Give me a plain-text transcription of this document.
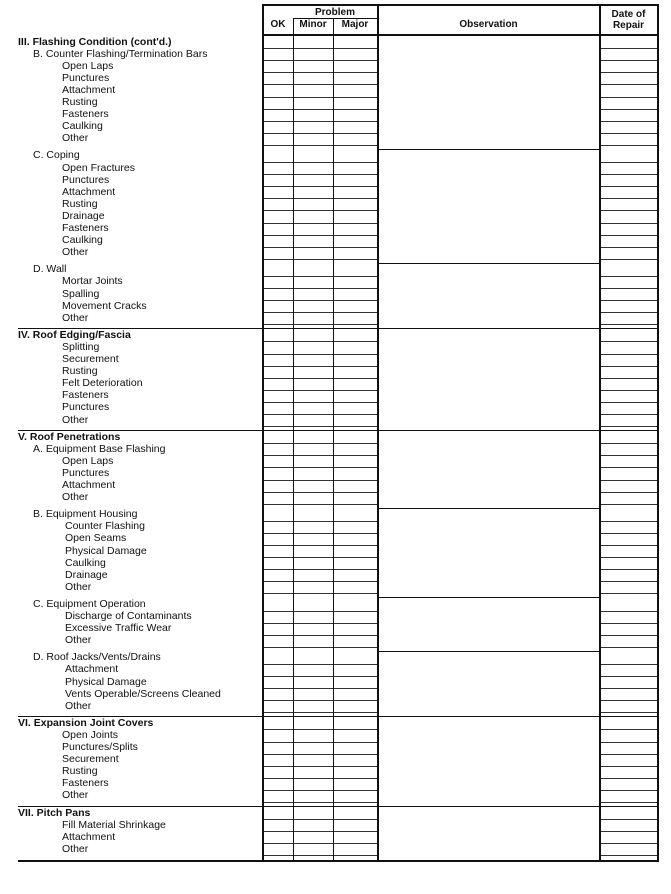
OK
Problem
Minor	Major	Observation
Date of
Repair
III. Flashing Condition (cont'd.)
B. Counter Flashing/Termination Bars
Open Laps
Punctures
Attachment
Rusting
Fasteners
Caulking
Other
C. Coping
Open Fractures
Punctures
Attachment
Rusting
Drainage
Fasteners
Caulking
Other
D. Wall
Mortar Joints
Spalling
Movement Cracks
Other
IV. Roof Edging/Fascia
Splitting
Securement
Rusting
Felt Deterioration
Fasteners
Punctures
Other
V. Roof Penetrations
A. Equipment Base Flashing
Open Laps
Punctures
Attachment
Other
B. Equipment Housing
Counter Flashing
Open Seams
Physical Damage
Caulking
Drainage
Other
C. Equipment Operation
Discharge of Contaminants
Excessive Traffic Wear
Other
D. Roof Jacks/Vents/Drains
Attachment
Physical Damage
Vents Operable/Screens Cleaned
Other
VI. Expansion Joint Covers
Open Joints
Punctures/Splits
Securement
Rusting
Fasteners
Other
VII. Pitch Pans
Fill Material Shrinkage
Attachment
Other
